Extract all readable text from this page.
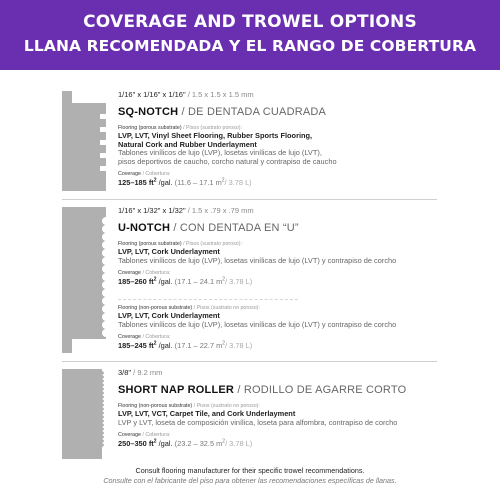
COVERAGE AND TROWEL OPTIONS
LLANA RECOMENDADA Y EL RANGO DE COBERTURA
1/16" x 1/16" x 1/16" / 1.5 x 1.5 x 1.5 mm
SQ-NOTCH / DE DENTADA CUADRADA
Flooring (porous substrate) / Pisos (sustrato poroso):
LVP, LVT, Vinyl Sheet Flooring, Rubber Sports Flooring,
Natural Cork and Rubber Underlayment
Tablones vinílicos de lujo (LVP), losetas vinílicas de lujo (LVT),
pisos deportivos de caucho, corcho natural y contrapiso de caucho
Coverage / Cobertura:
125–185 $ft^2$ /gal. (11.6 – 17.1 $m^2/$ 3.78 L)
1/16" x 1/32" x 1/32" / 1.5 x .79 x .79 mm
U-NOTCH / CON DENTADA EN “U”
Flooring (porous substrate) / Pisos (sustrato poroso):
LVP, LVT, Cork Underlayment
Tablones vinílicos de lujo (LVP), losetas vinílicas de lujo (LVT) y contrapiso de corcho
Coverage / Cobertura:
185–260 $ft^2$ /gal. (17.1 – 24.1 $m^2/$ 3.78 L)
Flooring (non-porous substrate) / Pisos (sustrato no poroso):
LVP, LVT, Cork Underlayment
Tablones vinílicos de lujo (LVP), losetas vinílicas de lujo (LVT) y contrapiso de corcho
Coverage / Cobertura:
185–245 $ft^2$ /gal. (17.1 – 22.7 $m^2/$ 3.78 L)
3/8" / 9.2 mm
SHORT NAP ROLLER / RODILLO DE AGARRE CORTO
Flooring (non-porous substrate) / Pisos (sustrato no poroso):
LVP, LVT, VCT, Carpet Tile, and Cork Underlayment
LVP y LVT, loseta de composición vinílica, loseta para alfombra, contrapiso de corcho
Coverage / Cobertura:
250–350 $ft^2$ /gal. (23.2 – 32.5 $m^2/$ 3.78 L)
Consult flooring manufacturer for their specific trowel recommendations.
Consulte con el fabricante del piso para obtener las recomendaciones específicas de llanas.
